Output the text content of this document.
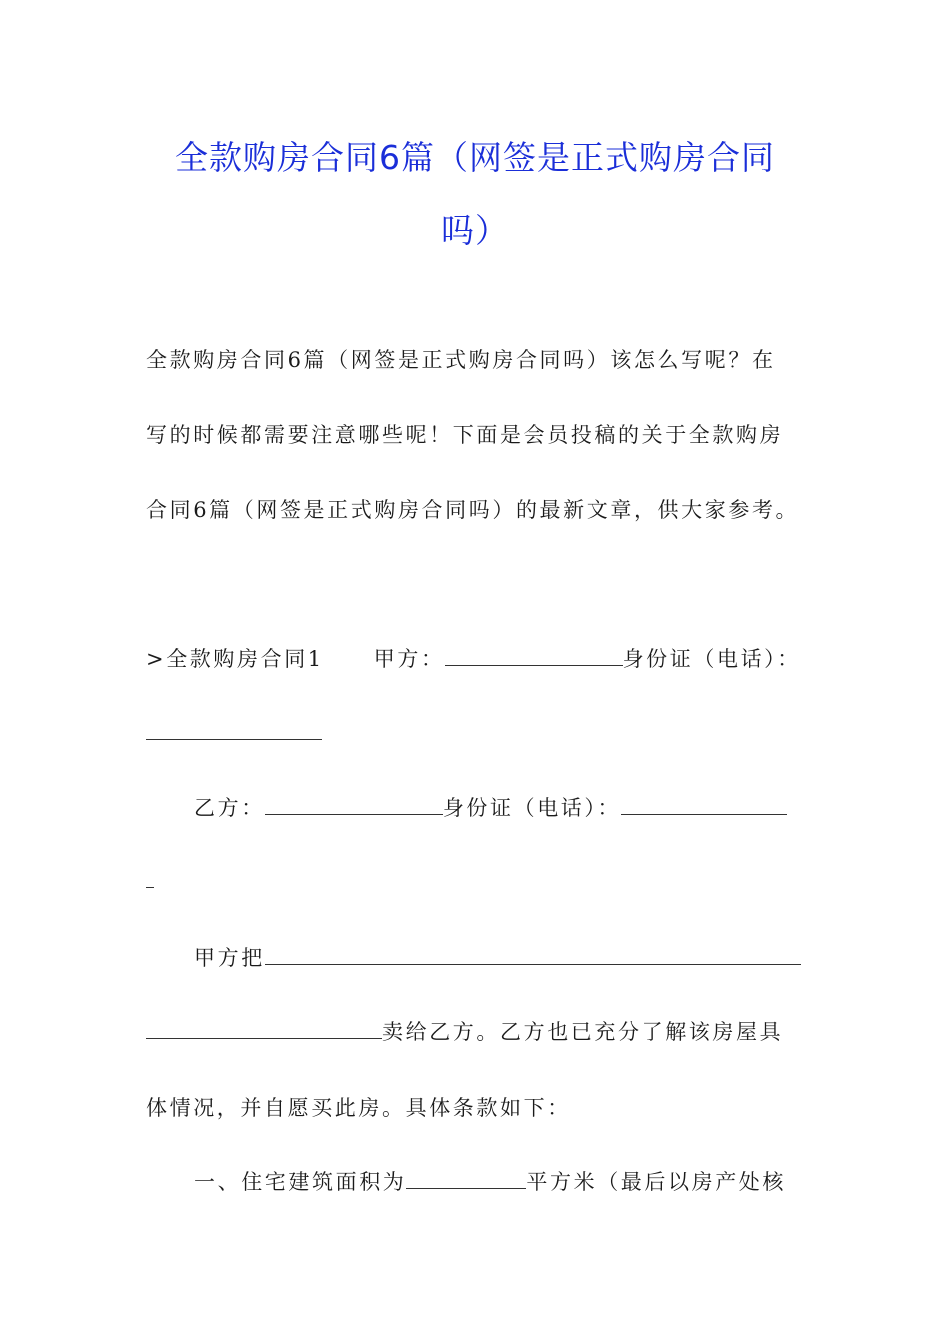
全款购房合同6篇（网签是正式购房合同
吗）

全款购房合同6篇（网签是正式购房合同吗）该怎么写呢？在

写的时候都需要注意哪些呢！下面是会员投稿的关于全款购房

合同6篇（网签是正式购房合同吗）的最新文章，供大家参考。

>全款购房合同1 甲方：	身份证（电话）：
乙方：	身份证（电话）：
甲方把
卖给乙方。乙方也已充分了解该房屋具

体情况，并自愿买此房。具体条款如下：

一、住宅建筑面积为	平方米（最后以房产处核
